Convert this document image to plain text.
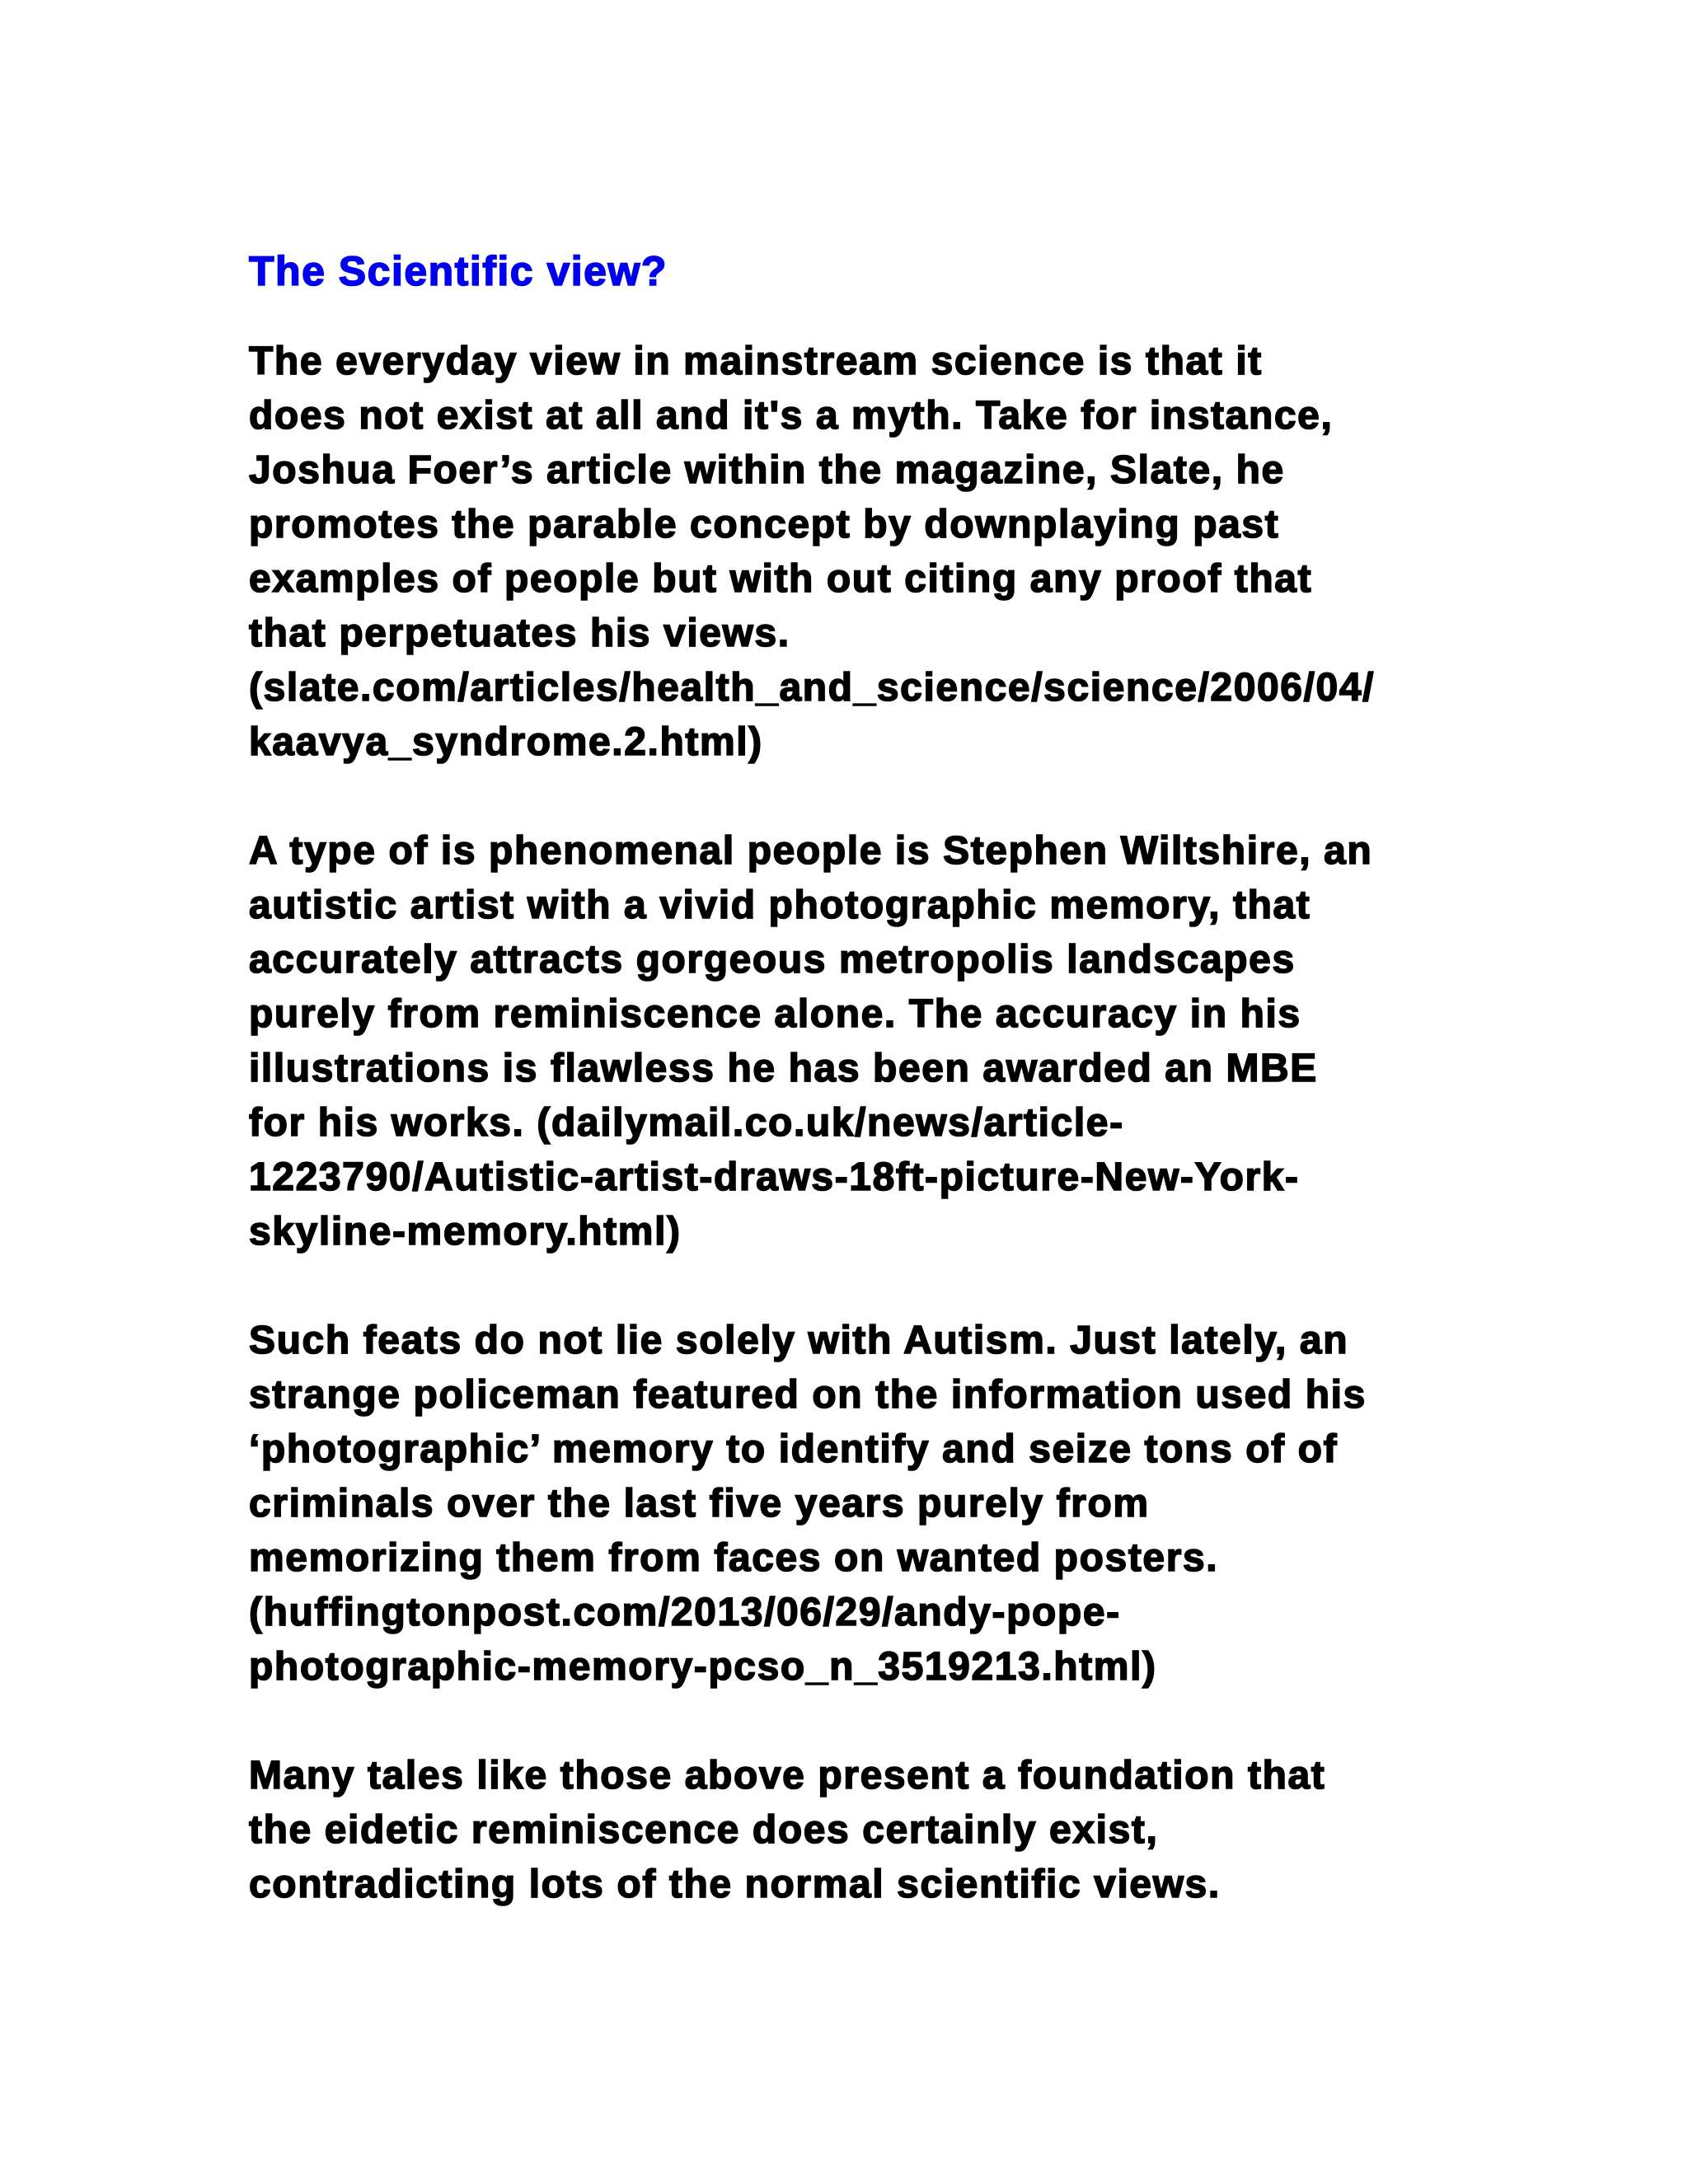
The Scientific view?

The everyday view in mainstream science is that it
does not exist at all and it's a myth. Take for instance,
Joshua Foer’s article within the magazine, Slate, he
promotes the parable concept by downplaying past
examples of people but with out citing any proof that
that perpetuates his views.
(slate.com/articles/health_and_science/science/2006/04/
kaavya_syndrome.2.html)

A type of is phenomenal people is Stephen Wiltshire, an
autistic artist with a vivid photographic memory, that
accurately attracts gorgeous metropolis landscapes
purely from reminiscence alone. The accuracy in his
illustrations is flawless he has been awarded an MBE
for his works. (dailymail.co.uk/news/article-
1223790/Autistic-artist-draws-18ft-picture-New-York-
skyline-memory.html)

Such feats do not lie solely with Autism. Just lately, an
strange policeman featured on the information used his
‘photographic’ memory to identify and seize tons of of
criminals over the last five years purely from
memorizing them from faces on wanted posters.
(huffingtonpost.com/2013/06/29/andy-pope-
photographic-memory-pcso_n_3519213.html)

Many tales like those above present a foundation that
the eidetic reminiscence does certainly exist,
contradicting lots of the normal scientific views.
